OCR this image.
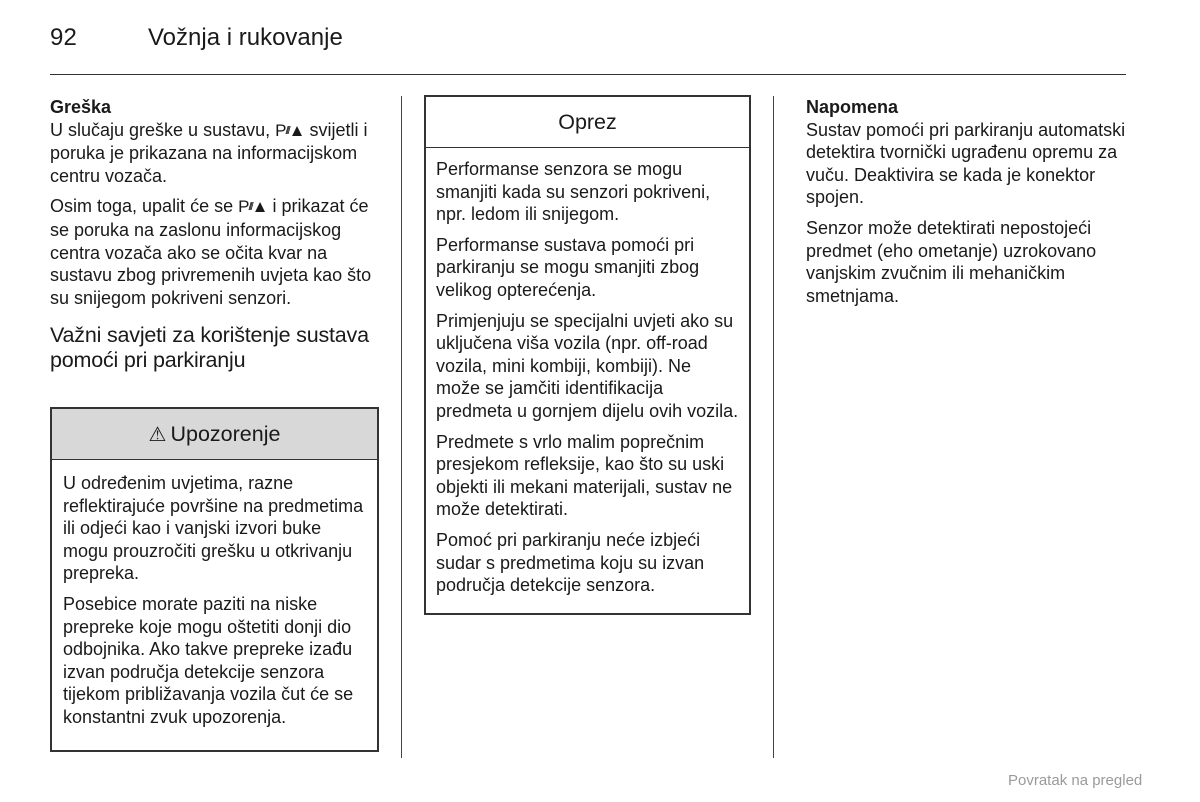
92	Vožnja i rukovanje

Greška

U slučaju greške u sustavu, P///▲ svijetli i poruka je prikazana na informacijskom centru vozača.

Osim toga, upalit će se P///▲ i prikazat će se poruka na zaslonu informacijskog centra vozača ako se očita kvar na sustavu zbog privremenih uvjeta kao što su snijegom pokriveni senzori.

Važni savjeti za korištenje sustava pomoći pri parkiranju

⚠ Upozorenje

U određenim uvjetima, razne reflektirajuće površine na predmetima ili odjeći kao i vanjski izvori buke mogu prouzročiti grešku u otkrivanju prepreka.

Posebice morate paziti na niske prepreke koje mogu oštetiti donji dio odbojnika. Ako takve prepreke izađu izvan područja detekcije senzora tijekom približavanja vozila čut će se konstantni zvuk upozorenja.

Oprez

Performanse senzora se mogu smanjiti kada su senzori pokriveni, npr. ledom ili snijegom.

Performanse sustava pomoći pri parkiranju se mogu smanjiti zbog velikog opterećenja.

Primjenjuju se specijalni uvjeti ako su uključena viša vozila (npr. off-road vozila, mini kombiji, kombiji). Ne može se jamčiti identifikacija predmeta u gornjem dijelu ovih vozila.

Predmete s vrlo malim poprečnim presjekom refleksije, kao što su uski objekti ili mekani materijali, sustav ne može detektirati.

Pomoć pri parkiranju neće izbjeći sudar s predmetima koju su izvan područja detekcije senzora.

Napomena

Sustav pomoći pri parkiranju automatski detektira tvornički ugrađenu opremu za vuču. Deaktivira se kada je konektor spojen.

Senzor može detektirati nepostojeći predmet (eho ometanje) uzrokovano vanjskim zvučnim ili mehaničkim smetnjama.

Povratak na pregled
